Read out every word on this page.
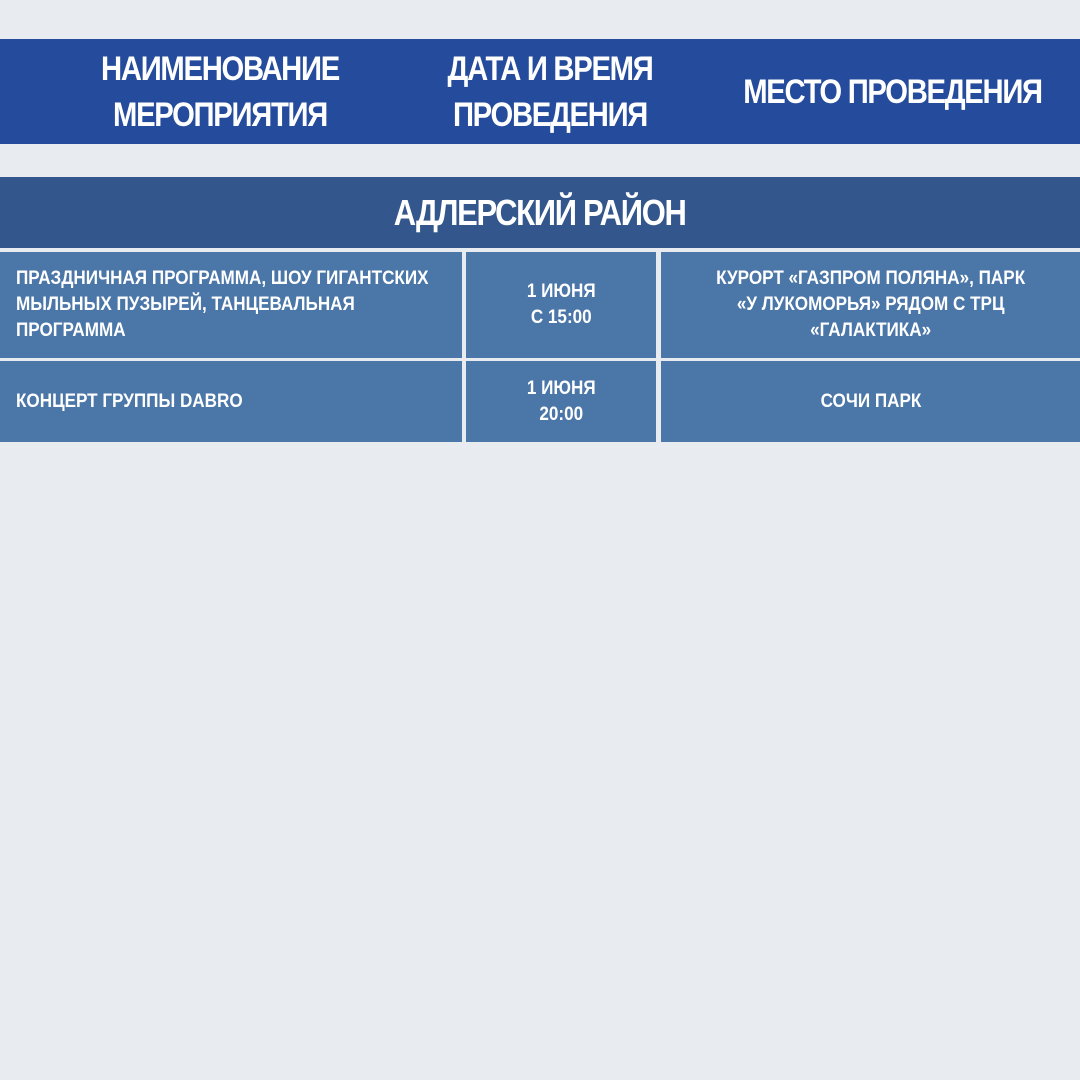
НАИМЕНОВАНИЕ
МЕРОПРИЯТИЯ
ДАТА И ВРЕМЯ
ПРОВЕДЕНИЯ
МЕСТО ПРОВЕДЕНИЯ
АДЛЕРСКИЙ РАЙОН
ПРАЗДНИЧНАЯ ПРОГРАММА, ШОУ ГИГАНТСКИХ
МЫЛЬНЫХ ПУЗЫРЕЙ, ТАНЦЕВАЛЬНАЯ
ПРОГРАММА
1 ИЮНЯ
С 15:00
КУРОРТ «ГАЗПРОМ ПОЛЯНА», ПАРК
«У ЛУКОМОРЬЯ» РЯДОМ С ТРЦ
«ГАЛАКТИКА»
КОНЦЕРТ ГРУППЫ DABRO
1 ИЮНЯ
20:00
СОЧИ ПАРК
